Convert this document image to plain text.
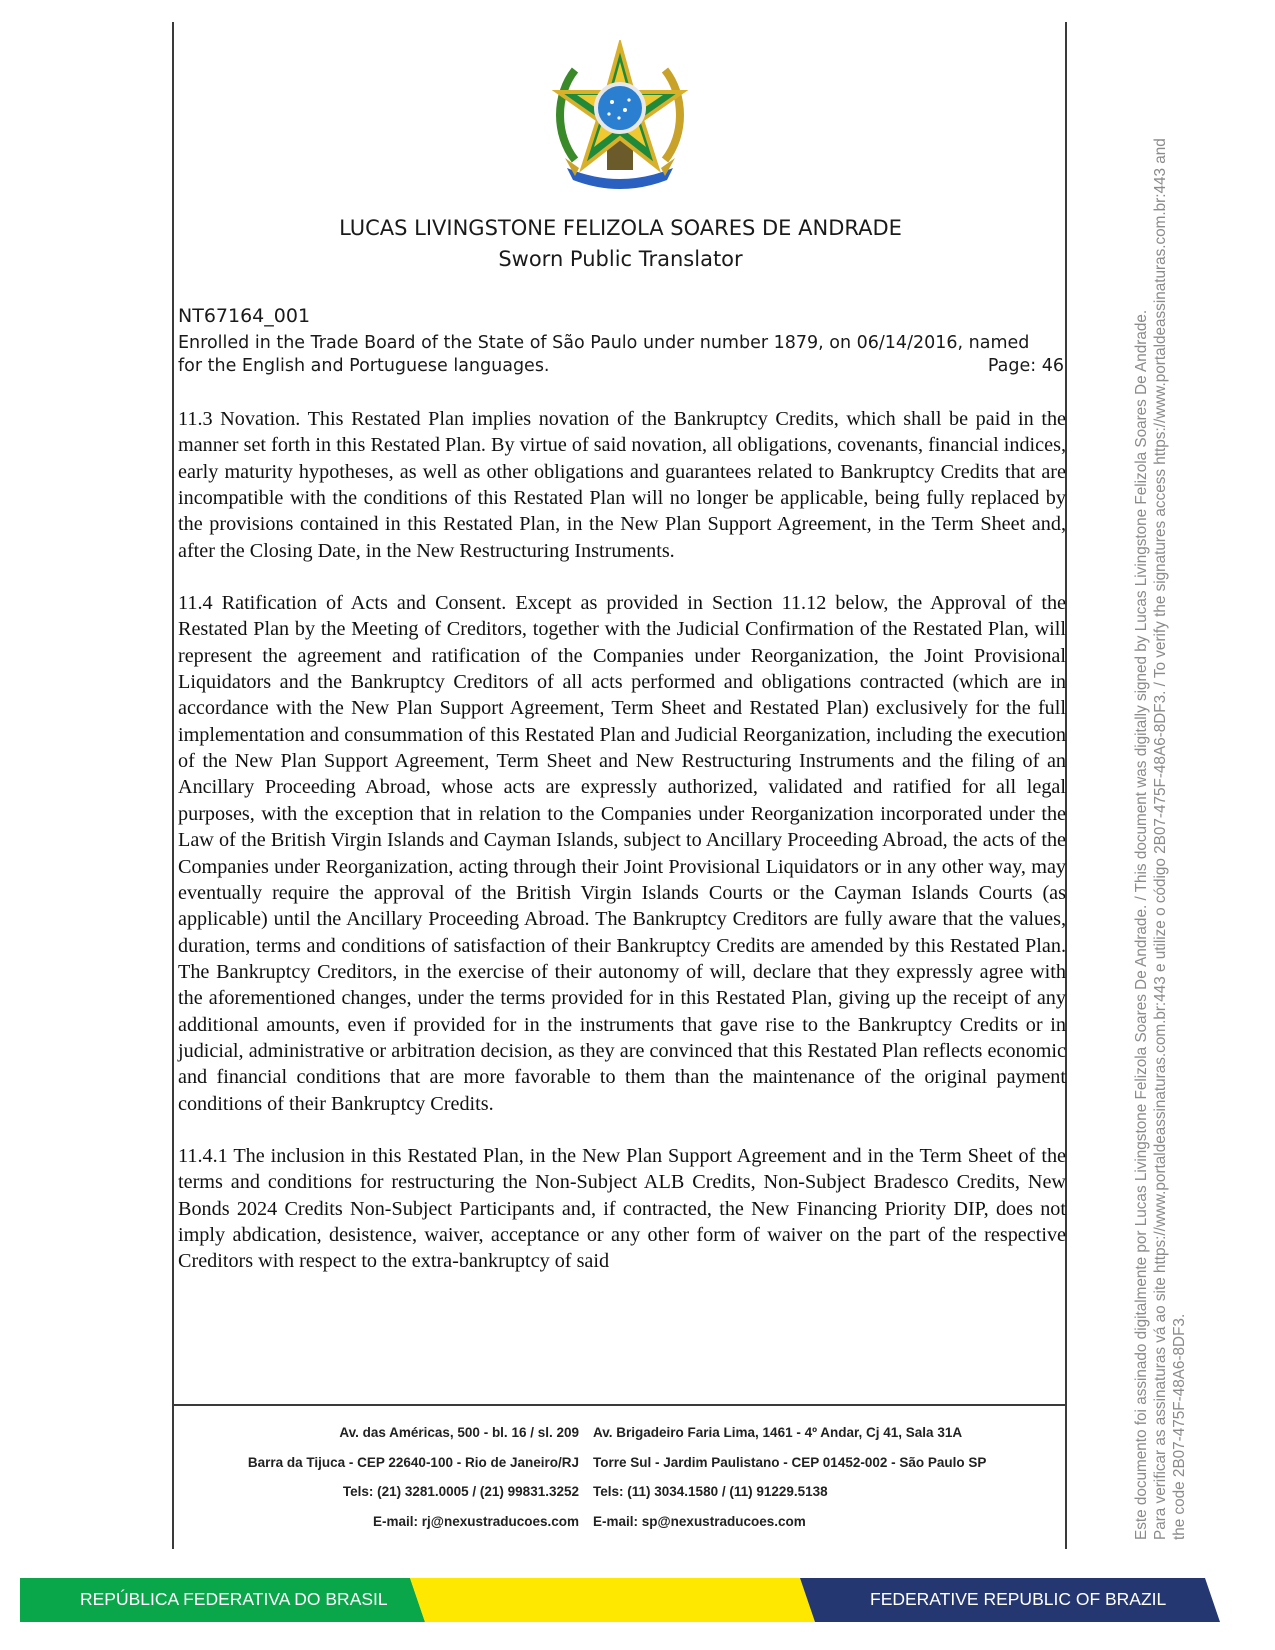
LUCAS LIVINGSTONE FELIZOLA SOARES DE ANDRADE
Sworn Public Translator
NT67164_001
Enrolled in the Trade Board of the State of São Paulo under number 1879, on 06/14/2016, named
for the English and Portuguese languages.	Page: 46

11.3 Novation. This Restated Plan implies novation of the Bankruptcy Credits, which shall be paid in the manner set forth in this Restated Plan. By virtue of said novation, all obligations, covenants, financial indices, early maturity hypotheses, as well as other obligations and guarantees related to Bankruptcy Credits that are incompatible with the conditions of this Restated Plan will no longer be applicable, being fully replaced by the provisions contained in this Restated Plan, in the New Plan Support Agreement, in the Term Sheet and, after the Closing Date, in the New Restructuring Instruments.

11.4 Ratification of Acts and Consent. Except as provided in Section 11.12 below, the Approval of the Restated Plan by the Meeting of Creditors, together with the Judicial Confirmation of the Restated Plan, will represent the agreement and ratification of the Companies under Reorganization, the Joint Provisional Liquidators and the Bankruptcy Creditors of all acts performed and obligations contracted (which are in accordance with the New Plan Support Agreement, Term Sheet and Restated Plan) exclusively for the full implementation and consummation of this Restated Plan and Judicial Reorganization, including the execution of the New Plan Support Agreement, Term Sheet and New Restructuring Instruments and the filing of an Ancillary Proceeding Abroad, whose acts are expressly authorized, validated and ratified for all legal purposes, with the exception that in relation to the Companies under Reorganization incorporated under the Law of the British Virgin Islands and Cayman Islands, subject to Ancillary Proceeding Abroad, the acts of the Companies under Reorganization, acting through their Joint Provisional Liquidators or in any other way, may eventually require the approval of the British Virgin Islands Courts or the Cayman Islands Courts (as applicable) until the Ancillary Proceeding Abroad. The Bankruptcy Creditors are fully aware that the values, duration, terms and conditions of satisfaction of their Bankruptcy Credits are amended by this Restated Plan. The Bankruptcy Creditors, in the exercise of their autonomy of will, declare that they expressly agree with the aforementioned changes, under the terms provided for in this Restated Plan, giving up the receipt of any additional amounts, even if provided for in the instruments that gave rise to the Bankruptcy Credits or in judicial, administrative or arbitration decision, as they are convinced that this Restated Plan reflects economic and financial conditions that are more favorable to them than the maintenance of the original payment conditions of their Bankruptcy Credits.

11.4.1 The inclusion in this Restated Plan, in the New Plan Support Agreement and in the Term Sheet of the terms and conditions for restructuring the Non-Subject ALB Credits, Non-Subject Bradesco Credits, New Bonds 2024 Credits Non-Subject Participants and, if contracted, the New Financing Priority DIP, does not imply abdication, desistence, waiver, acceptance or any other form of waiver on the part of the respective Creditors with respect to the extra-bankruptcy of said

Av. das Américas, 500 - bl. 16 / sl. 209	Av. Brigadeiro Faria Lima, 1461 - 4º Andar, Cj 41, Sala 31A
Barra da Tijuca - CEP 22640-100 - Rio de Janeiro/RJ	Torre Sul - Jardim Paulistano - CEP 01452-002 - São Paulo SP
Tels: (21) 3281.0005 / (21) 99831.3252	Tels: (11) 3034.1580 / (11) 91229.5138
E-mail: rj@nexustraducoes.com	E-mail: sp@nexustraducoes.com	Este documento foi assinado digitalmente por Lucas Livingstone Felizola Soares De Andrade. / This document was digitally signed by Lucas Livingstone Felizola Soares De Andrade. Para verificar as assinaturas vá ao site https://www.portaldeassinaturas.com.br:443 e utilize o código 2B07-475F-48A6-8DF3. / To verify the signatures access https://www.portaldeassinaturas.com.br:443 and the code 2B07-475F-48A6-8DF3.
REPÚBLICA FEDERATIVA DO BRASIL	FEDERATIVE REPUBLIC OF BRAZIL
